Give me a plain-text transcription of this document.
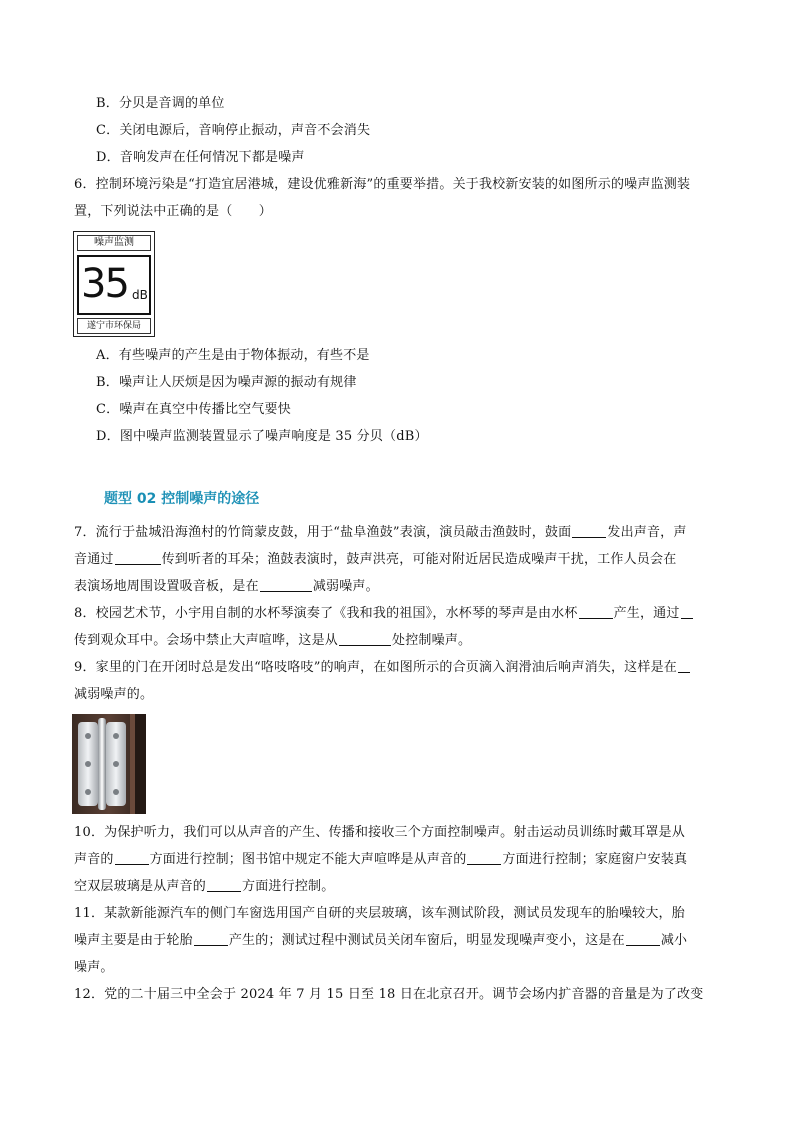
B．分贝是音调的单位
C．关闭电源后，音响停止振动，声音不会消失
D．音响发声在任何情况下都是噪声
6．控制环境污染是“打造宜居港城，建设优雅新海”的重要举措。关于我校新安装的如图所示的噪声监测装
置，下列说法中正确的是（　　）
噪声监测
35 dB
遂宁市环保局
A．有些噪声的产生是由于物体振动，有些不是
B．噪声让人厌烦是因为噪声源的振动有规律
C．噪声在真空中传播比空气要快
D．图中噪声监测装置显示了噪声响度是 35 分贝（dB）
题型 02 控制噪声的途径
7．流行于盐城沿海渔村的竹筒蒙皮鼓，用于“盐阜渔鼓”表演，演员敲击渔鼓时，鼓面	发出声音，声
音通过	传到听者的耳朵；渔鼓表演时，鼓声洪亮，可能对附近居民造成噪声干扰，工作人员会在
表演场地周围设置吸音板，是在	减弱噪声。
8．校园艺术节，小宇用自制的水杯琴演奏了《我和我的祖国》，水杯琴的琴声是由水杯	产生，通过
传到观众耳中。会场中禁止大声喧哗，这是从	处控制噪声。
9．家里的门在开闭时总是发出“咯吱咯吱”的响声，在如图所示的合页滴入润滑油后响声消失，这样是在
减弱噪声的。
10．为保护听力，我们可以从声音的产生、传播和接收三个方面控制噪声。射击运动员训练时戴耳罩是从
声音的	方面进行控制；图书馆中规定不能大声喧哗是从声音的	方面进行控制；家庭窗户安装真
空双层玻璃是从声音的	方面进行控制。
11．某款新能源汽车的侧门车窗选用国产自研的夹层玻璃，该车测试阶段，测试员发现车的胎噪较大，胎
噪声主要是由于轮胎	产生的；测试过程中测试员关闭车窗后，明显发现噪声变小，这是在	减小
噪声。
12．党的二十届三中全会于 2024 年 7 月 15 日至 18 日在北京召开。调节会场内扩音器的音量是为了改变
